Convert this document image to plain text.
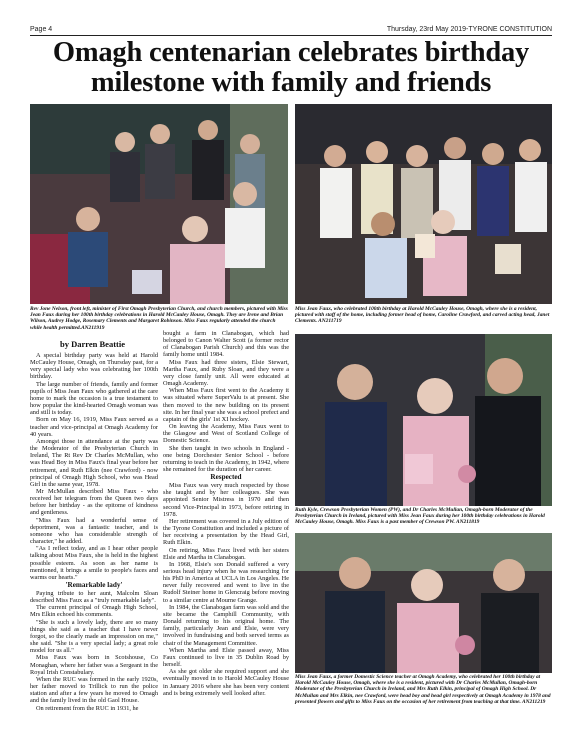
Page 4	Thursday, 23rd May 2019-TYRONE CONSTITUTION
Omagh centenarian celebrates birthday
milestone with family and friends
Rev Jone Nelson, front left, minister of First Omagh Presbyterian Church, and church members, pictured with Miss Jean Faux during her 100th birthday celebrations in Harold McCauley House, Omagh. They are Irene and Brian Wilson, Audrey Hodge, Rosemary Clements and Margaret Robinson. Miss Faux regularly attended the church while health permitted.AN211919
Miss Jean Faux, who celebrated 100th birthday at Harold McCauley House, Omagh, where she is a resident, pictured with staff of the home, including former head of home, Caroline Crawford, and carved acting head, Janet Clements. AN211719
by Darren Beattie

A special birthday party was held at Harold McCauley House, Omagh, on Thursday past, for a very special lady who was celebrating her 100th birthday.

The large number of friends, family and former pupils of Miss Jean Faux who gathered at the care home to mark the occasion is a true testament to how popular the kind-hearted Omagh woman was and still is today.

Born on May 16, 1919, Miss Faux served as a teacher and vice-principal at Omagh Academy for 40 years.

Amongst those in attendance at the party was the Moderator of the Presbyterian Church in Ireland, The Rt Rev Dr Charles McMullan, who was Head Boy in Miss Faux's final year before her retirement, and Ruth Elkin (nee Crawford) - now principal of Omagh High School, who was Head Girl in the same year, 1978.

Mr McMullan described Miss Faux - who received her telegram from the Queen two days before her birthday - as the epitome of kindness and gentleness.

"Miss Faux had a wonderful sense of deportment, was a fantastic teacher, and is someone who has considerable strength of character," he added.

"As I reflect today, and as I hear other people talking about Miss Faux, she is held in the highest possible esteem. As soon as her name is mentioned, it brings a smile to people's faces and warms our hearts."

'Remarkable lady'

Paying tribute to her aunt, Malcolm Sloan described Miss Faux as a "truly remarkable lady".

The current principal of Omagh High School, Mrs Elkin echoed his comments.

"She is such a lovely lady, there are so many things she said as a teacher that I have never forgot, so the clearly made an impression on me," she said. "She is a very special lady; a great role model for us all."

Miss Faux was born in Scotshouse, Co Monaghan, where her father was a Sergeant in the Royal Irish Constabulary.

When the RUC was formed in the early 1920s, her father moved to Trillick to run the police station and after a few years he moved to Omagh and the family lived in the old Gaol House.

On retirement from the RUC in 1931, he

bought a farm in Clanabogan, which had belonged to Canon Walter Scott (a former rector of Clanabogan Parish Church) and this was the family home until 1984.

Miss Faux had three sisters, Elsie Stewart, Martha Faux, and Ruby Sloan, and they were a very close family unit. All were educated at Omagh Academy.

When Miss Faux first went to the Academy it was situated where SuperValu is at present. She then moved to the new building on its present site. In her final year she was a school prefect and captain of the girls' 1st XI hockey.

On leaving the Academy, Miss Faux went to the Glasgow and West of Scotland College of Domestic Science.

She then taught in two schools in England - one being Dorchester Senior School - before returning to teach in the Academy, in 1942, where she remained for the duration of her career.

Respected

Miss Faux was very much respected by those she taught and by her colleagues. She was appointed Senior Mistress in 1970 and then second Vice-Principal in 1973, before retiring in 1978.

Her retirement was covered in a July edition of the Tyrone Constitution and included a picture of her receiving a presentation by the Head Girl, Ruth Elkin.

On retiring, Miss Faux lived with her sisters Elsie and Martha in Clanabogan.

In 1968, Elsie's son Donald suffered a very serious head injury when he was researching for his PhD in America at UCLA in Los Angeles. He never fully recovered and went to live in the Rudolf Steiner home in Glencraig before moving to a similar centre at Mourne Grange.

In 1984, the Clanabogan farm was sold and the site became the Camphill Community, with Donald returning to his original home. The family, particularly Jean and Elsie, were very involved in fundraising and both served terms as chair of the Management Committee.

When Martha and Elsie passed away, Miss Faux continued to live in 35 Dublin Road by herself.

As she got older she required support and she eventually moved in to Harold McCauley House in January 2016 where she has been very content and is being extremely well looked after.

Ruth Kyle, Crewson Presbyterian Women (PW), and Dr Charles McMullan, Omagh-born Moderator of the Presbyterian Church in Ireland, pictured with Miss Jean Faux during her 100th birthday celebrations in Harold McCauley House, Omagh. Miss Faux is a past member of Crewson PW. AN211819
Miss Jean Faux, a former Domestic Science teacher at Omagh Academy, who celebrated her 100th birthday at Harold McCauley House, Omagh, where she is a resident, pictured with Dr Charles McMullan, Omagh-born Moderator of the Presbyterian Church in Ireland, and Mrs Ruth Elkin, principal of Omagh High School. Dr McMullan and Mrs Elkin, nee Crawford, were head boy and head girl respectively at Omagh Academy in 1978 and presented flowers and gifts to Miss Faux on the occasion of her retirement from teaching at that time. AN211219
